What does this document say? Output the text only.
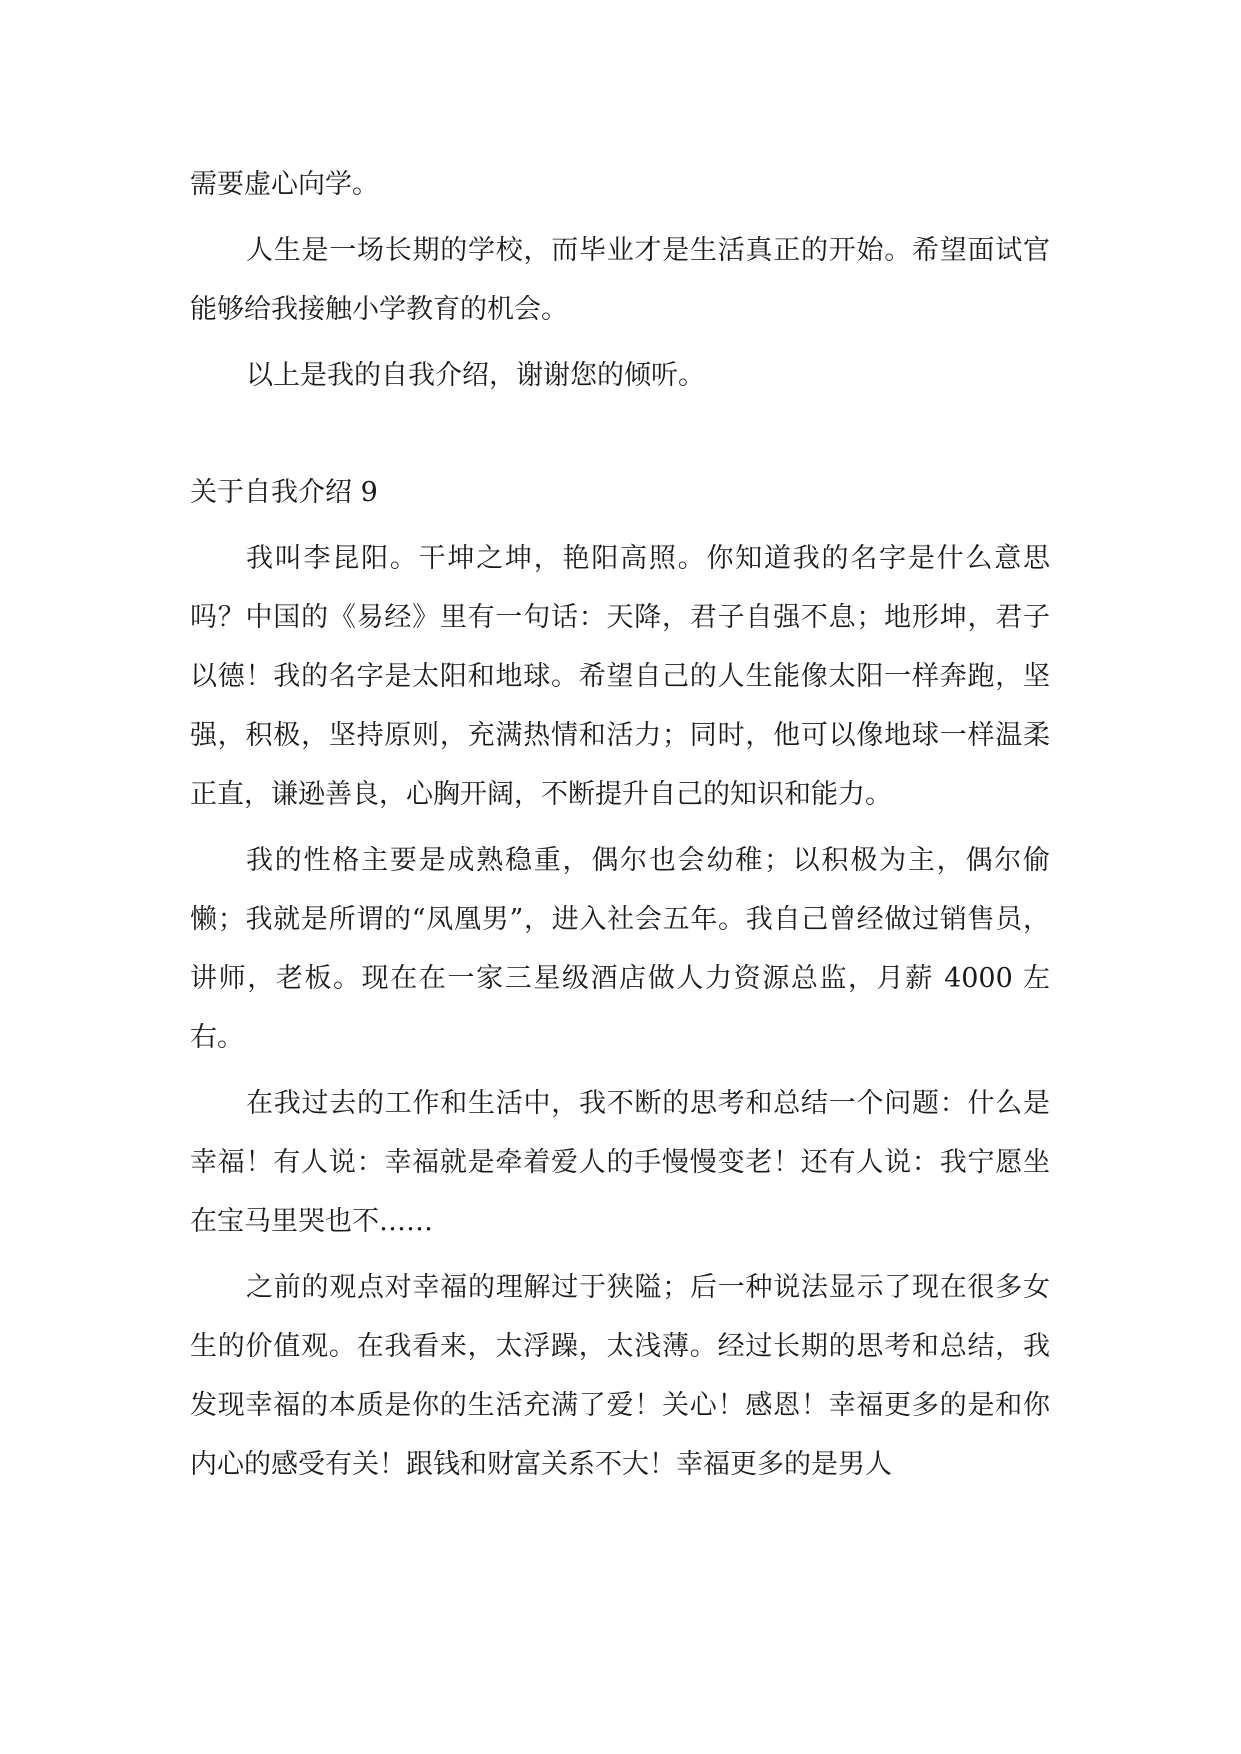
需要虚心向学。

人生是一场长期的学校，而毕业才是生活真正的开始。希望面试官能够给我接触小学教育的机会。

以上是我的自我介绍，谢谢您的倾听。

关于自我介绍 9

我叫李昆阳。干坤之坤，艳阳高照。你知道我的名字是什么意思吗？中国的《易经》里有一句话：天降，君子自强不息；地形坤，君子以德！我的名字是太阳和地球。希望自己的人生能像太阳一样奔跑，坚强，积极，坚持原则，充满热情和活力；同时，他可以像地球一样温柔正直，谦逊善良，心胸开阔，不断提升自己的知识和能力。

我的性格主要是成熟稳重，偶尔也会幼稚；以积极为主，偶尔偷懒；我就是所谓的“凤凰男”，进入社会五年。我自己曾经做过销售员，讲师，老板。现在在一家三星级酒店做人力资源总监，月薪 4000 左右。

在我过去的工作和生活中，我不断的思考和总结一个问题：什么是幸福！有人说：幸福就是牵着爱人的手慢慢变老！还有人说：我宁愿坐在宝马里哭也不……

之前的观点对幸福的理解过于狭隘；后一种说法显示了现在很多女生的价值观。在我看来，太浮躁，太浅薄。经过长期的思考和总结，我发现幸福的本质是你的生活充满了爱！关心！感恩！幸福更多的是和你内心的感受有关！跟钱和财富关系不大！幸福更多的是男人
